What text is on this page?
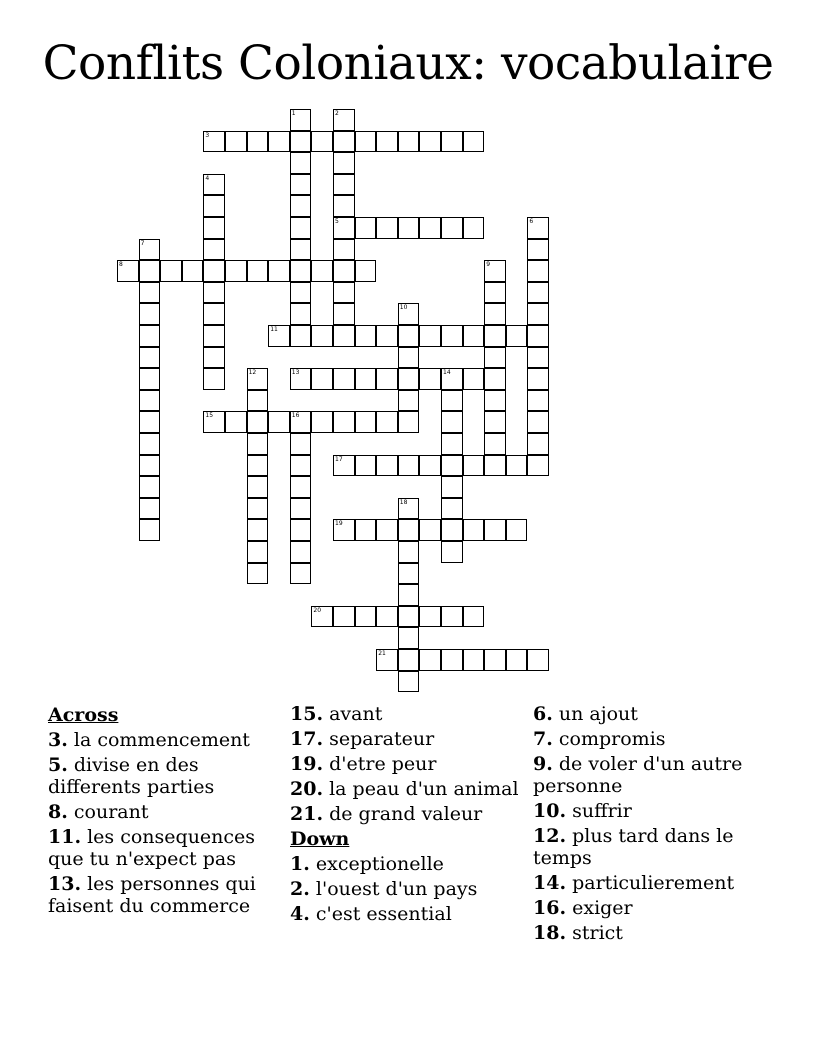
Conflits Coloniaux: vocabulaire
1	2
5
3
4
6
7
8	9
10
11
12	13	14
15	16
17
18
19
20
21
Across
3. la commencement
5. divise en des differents parties
8. courant
11. les consequences que tu n'expect pas
13. les personnes qui faisent du commerce
15. avant
17. separateur
19. d'etre peur
20. la peau d'un animal
21. de grand valeur
Down
1. exceptionelle
2. l'ouest d'un pays
4. c'est essential
6. un ajout
7. compromis
9. de voler d'un autre personne
10. suffrir
12. plus tard dans le temps
14. particulierement
16. exiger
18. strict
